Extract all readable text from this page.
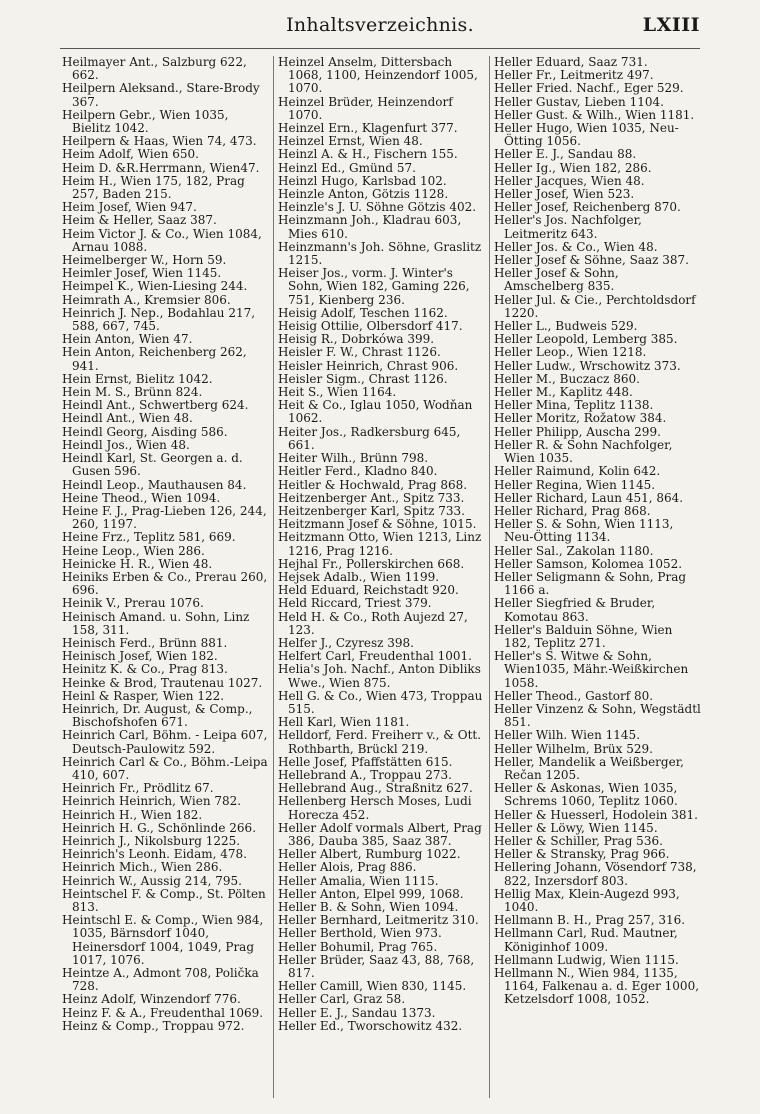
Inhaltsverzeichnis.	LXIII

Heilmayer Ant., Salzburg 622, 662.

Heilpern Aleksand., Stare-Brody 367.

Heilpern Gebr., Wien 1035, Bielitz 1042.

Heilpern & Haas, Wien 74, 473.

Heim Adolf, Wien 650.

Heim D. &R.Herrmann, Wien47.

Heim H., Wien 175, 182, Prag 257, Baden 215.

Heim Josef, Wien 947.

Heim & Heller, Saaz 387.

Heim Victor J. & Co., Wien 1084, Arnau 1088.

Heimelberger W., Horn 59.

Heimler Josef, Wien 1145.

Heimpel K., Wien-Liesing 244.

Heimrath A., Kremsier 806.

Heinrich J. Nep., Bodahlau 217, 588, 667, 745.

Hein Anton, Wien 47.

Hein Anton, Reichenberg 262, 941.

Hein Ernst, Bielitz 1042.

Hein M. S., Brünn 824.

Heindl Ant., Schwertberg 624.

Heindl Ant., Wien 48.

Heindl Georg, Aisding 586.

Heindl Jos., Wien 48.

Heindl Karl, St. Georgen a. d. Gusen 596.

Heindl Leop., Mauthausen 84.

Heine Theod., Wien 1094.

Heine F. J., Prag-Lieben 126, 244, 260, 1197.

Heine Frz., Teplitz 581, 669.

Heine Leop., Wien 286.

Heinicke H. R., Wien 48.

Heiniks Erben & Co., Prerau 260, 696.

Heinik V., Prerau 1076.

Heinisch Amand. u. Sohn, Linz 158, 311.

Heinisch Ferd., Brünn 881.

Heinisch Josef, Wien 182.

Heinitz K. & Co., Prag 813.

Heinke & Brod, Trautenau 1027.

Heinl & Rasper, Wien 122.

Heinrich, Dr. August, & Comp., Bischofshofen 671.

Heinrich Carl, Böhm. - Leipa 607, Deutsch-Paulowitz 592.

Heinrich Carl & Co., Böhm.-Leipa 410, 607.

Heinrich Fr., Prödlitz 67.

Heinrich Heinrich, Wien 782.

Heinrich H., Wien 182.

Heinrich H. G., Schönlinde 266.

Heinrich J., Nikolsburg 1225.

Heinrich's Leonh. Eidam, 478.

Heinrich Mich., Wien 286.

Heinrich W., Aussig 214, 795.

Heintschel F. & Comp., St. Pölten 813.

Heintschl E. & Comp., Wien 984, 1035, Bärnsdorf 1040, Heinersdorf 1004, 1049, Prag 1017, 1076.

Heintze A., Admont 708, Polička 728.

Heinz Adolf, Winzendorf 776.

Heinz F. & A., Freudenthal 1069.

Heinz & Comp., Troppau 972.

Heinzel Anselm, Dittersbach 1068, 1100, Heinzendorf 1005, 1070.

Heinzel Brüder, Heinzendorf 1070.

Heinzel Ern., Klagenfurt 377.

Heinzel Ernst, Wien 48.

Heinzl A. & H., Fischern 155.

Heinzl Ed., Gmünd 57.

Heinzl Hugo, Karlsbad 102.

Heinzle Anton, Götzis 1128.

Heinzle's J. U. Söhne Götzis 402.

Heinzmann Joh., Kladrau 603, Mies 610.

Heinzmann's Joh. Söhne, Graslitz 1215.

Heiser Jos., vorm. J. Winter's Sohn, Wien 182, Gaming 226, 751, Kienberg 236.

Heisig Adolf, Teschen 1162.

Heisig Ottilie, Olbersdorf 417.

Heisig R., Dobrkówa 399.

Heisler F. W., Chrast 1126.

Heisler Heinrich, Chrast 906.

Heisler Sigm., Chrast 1126.

Heit S., Wien 1164.

Heit & Co., Iglau 1050, Wodňan 1062.

Heiter Jos., Radkersburg 645, 661.

Heiter Wilh., Brünn 798.

Heitler Ferd., Kladno 840.

Heitler & Hochwald, Prag 868.

Heitzenberger Ant., Spitz 733.

Heitzenberger Karl, Spitz 733.

Heitzmann Josef & Söhne, 1015.

Heitzmann Otto, Wien 1213, Linz 1216, Prag 1216.

Hejhal Fr., Pollerskirchen 668.

Hejsek Adalb., Wien 1199.

Held Eduard, Reichstadt 920.

Held Riccard, Triest 379.

Held H. & Co., Roth Aujezd 27, 123.

Helfer J., Czyresz 398.

Helfert Carl, Freudenthal 1001.

Helia's Joh. Nachf., Anton Dibliks Wwe., Wien 875.

Hell G. & Co., Wien 473, Troppau 515.

Hell Karl, Wien 1181.

Helldorf, Ferd. Freiherr v., & Ott. Rothbarth, Brückl 219.

Helle Josef, Pfaffstätten 615.

Hellebrand A., Troppau 273.

Hellebrand Aug., Straßnitz 627.

Hellenberg Hersch Moses, Ludi Horecza 452.

Heller Adolf vormals Albert, Prag 386, Dauba 385, Saaz 387.

Heller Albert, Rumburg 1022.

Heller Alois, Prag 886.

Heller Amalia, Wien 1115.

Heller Anton, Elpel 999, 1068.

Heller B. & Sohn, Wien 1094.

Heller Bernhard, Leitmeritz 310.

Heller Berthold, Wien 973.

Heller Bohumil, Prag 765.

Heller Brüder, Saaz 43, 88, 768, 817.

Heller Camill, Wien 830, 1145.

Heller Carl, Graz 58.

Heller E. J., Sandau 1373.

Heller Ed., Tworschowitz 432.

Heller Eduard, Saaz 731.

Heller Fr., Leitmeritz 497.

Heller Fried. Nachf., Eger 529.

Heller Gustav, Lieben 1104.

Heller Gust. & Wilh., Wien 1181.

Heller Hugo, Wien 1035, Neu-Ötting 1056.

Heller E. J., Sandau 88.

Heller Ig., Wien 182, 286.

Heller Jacques, Wien 48.

Heller Josef, Wien 523.

Heller Josef, Reichenberg 870.

Heller's Jos. Nachfolger, Leitmeritz 643.

Heller Jos. & Co., Wien 48.

Heller Josef & Söhne, Saaz 387.

Heller Josef & Sohn, Amschelberg 835.

Heller Jul. & Cie., Perchtoldsdorf 1220.

Heller L., Budweis 529.

Heller Leopold, Lemberg 385.

Heller Leop., Wien 1218.

Heller Ludw., Wrschowitz 373.

Heller M., Buczacz 860.

Heller M., Kaplitz 448.

Heller Mina, Teplitz 1138.

Heller Moritz, Rožatow 384.

Heller Philipp, Auscha 299.

Heller R. & Sohn Nachfolger, Wien 1035.

Heller Raimund, Kolin 642.

Heller Regina, Wien 1145.

Heller Richard, Laun 451, 864.

Heller Richard, Prag 868.

Heller S. & Sohn, Wien 1113, Neu-Ötting 1134.

Heller Sal., Zakolan 1180.

Heller Samson, Kolomea 1052.

Heller Seligmann & Sohn, Prag 1166 a.

Heller Siegfried & Bruder, Komotau 863.

Heller's Balduin Söhne, Wien 182, Teplitz 271.

Heller's S. Witwe & Sohn, Wien1035, Mähr.-Weißkirchen 1058.

Heller Theod., Gastorf 80.

Heller Vinzenz & Sohn, Wegstädtl 851.

Heller Wilh. Wien 1145.

Heller Wilhelm, Brüx 529.

Heller, Mandelik a Weißberger, Rečan 1205.

Heller & Askonas, Wien 1035, Schrems 1060, Teplitz 1060.

Heller & Huesserl, Hodolein 381.

Heller & Löwy, Wien 1145.

Heller & Schiller, Prag 536.

Heller & Stransky, Prag 966.

Hellering Johann, Vösendorf 738, 822, Inzersdorf 803.

Hellig Max, Klein-Augezd 993, 1040.

Hellmann B. H., Prag 257, 316.

Hellmann Carl, Rud. Mautner, Königinhof 1009.

Hellmann Ludwig, Wien 1115.

Hellmann N., Wien 984, 1135, 1164, Falkenau a. d. Eger 1000, Ketzelsdorf 1008, 1052.
